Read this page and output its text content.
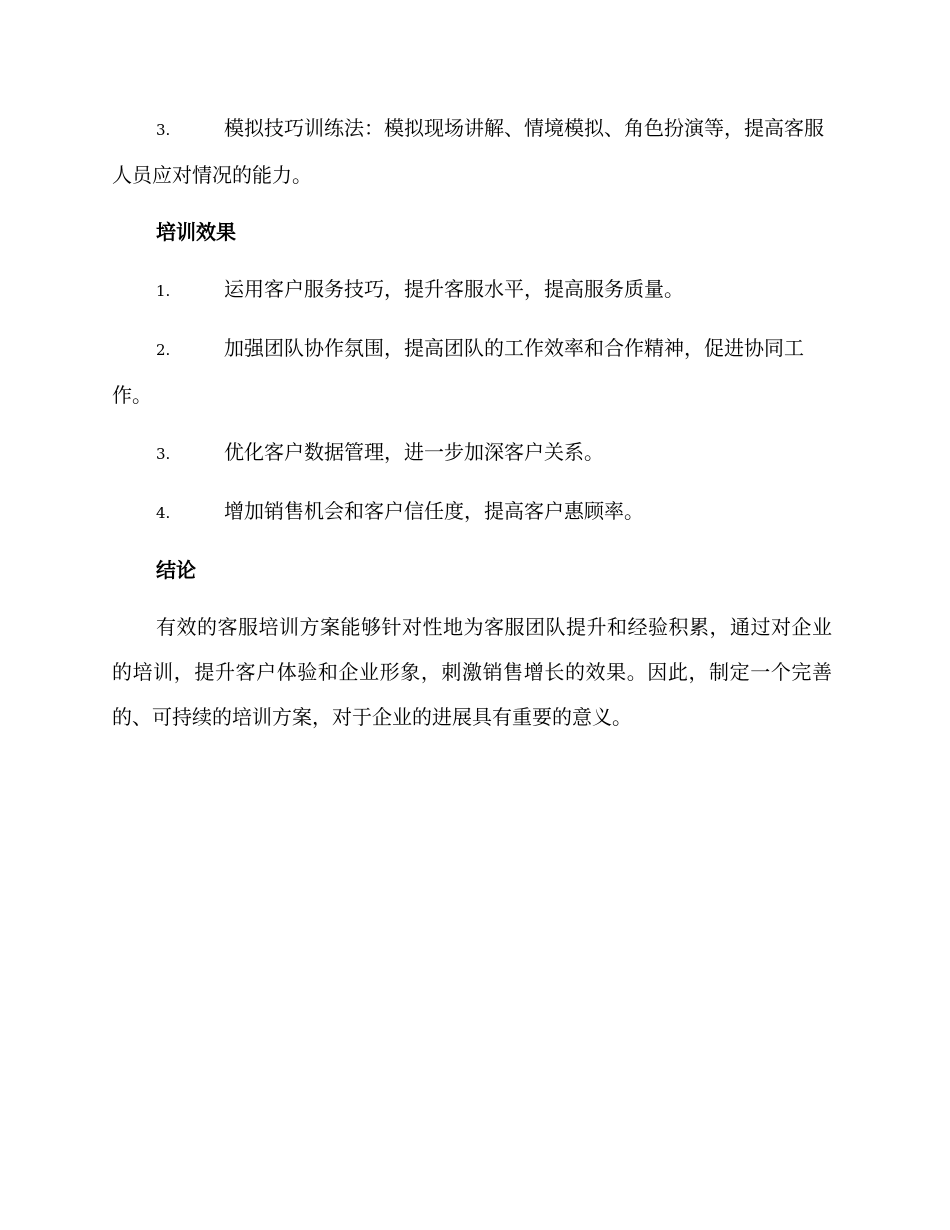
3.	模拟技巧训练法：模拟现场讲解、情境模拟、角色扮演等，提高客服人员应对情况的能力。

培训效果

1.	运用客户服务技巧，提升客服水平，提高服务质量。

2.	加强团队协作氛围，提高团队的工作效率和合作精神，促进协同工作。

3.	优化客户数据管理，进一步加深客户关系。

4.	增加销售机会和客户信任度，提高客户惠顾率。

结论

有效的客服培训方案能够针对性地为客服团队提升和经验积累，通过对企业的培训，提升客户体验和企业形象，刺激销售增长的效果。因此，制定一个完善的、可持续的培训方案，对于企业的进展具有重要的意义。
